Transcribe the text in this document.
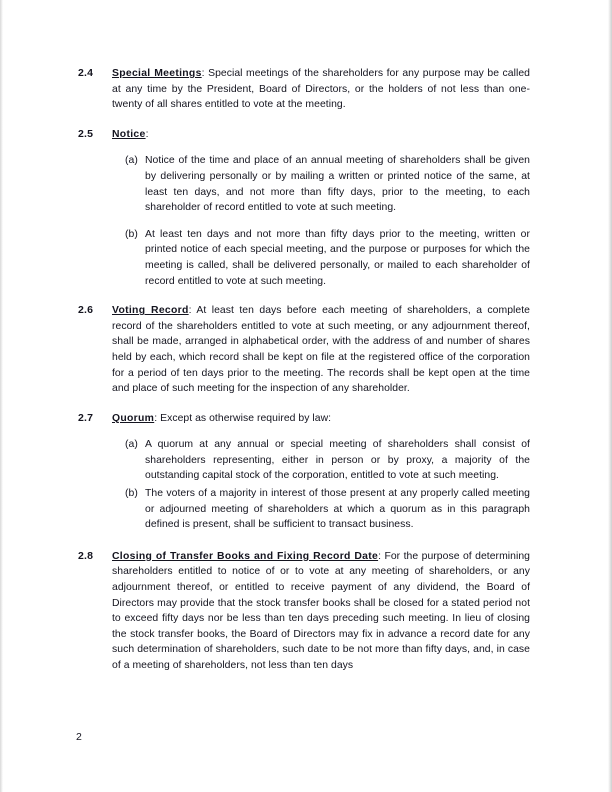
2.4	Special Meetings: Special meetings of the shareholders for any purpose may be called at any time by the President, Board of Directors, or the holders of not less than one-twenty of all shares entitled to vote at the meeting.
2.5	Notice:
(a) Notice of the time and place of an annual meeting of shareholders shall be given by delivering personally or by mailing a written or printed notice of the same, at least ten days, and not more than fifty days, prior to the meeting, to each shareholder of record entitled to vote at such meeting.
(b) At least ten days and not more than fifty days prior to the meeting, written or printed notice of each special meeting, and the purpose or purposes for which the meeting is called, shall be delivered personally, or mailed to each shareholder of record entitled to vote at such meeting.
2.6	Voting Record: At least ten days before each meeting of shareholders, a complete record of the shareholders entitled to vote at such meeting, or any adjournment thereof, shall be made, arranged in alphabetical order, with the address of and number of shares held by each, which record shall be kept on file at the registered office of the corporation for a period of ten days prior to the meeting. The records shall be kept open at the time and place of such meeting for the inspection of any shareholder.
2.7	Quorum: Except as otherwise required by law:
(a) A quorum at any annual or special meeting of shareholders shall consist of shareholders representing, either in person or by proxy, a majority of the outstanding capital stock of the corporation, entitled to vote at such meeting.
(b) The voters of a majority in interest of those present at any properly called meeting or adjourned meeting of shareholders at which a quorum as in this paragraph defined is present, shall be sufficient to transact business.
2.8	Closing of Transfer Books and Fixing Record Date: For the purpose of determining shareholders entitled to notice of or to vote at any meeting of shareholders, or any adjournment thereof, or entitled to receive payment of any dividend, the Board of Directors may provide that the stock transfer books shall be closed for a stated period not to exceed fifty days nor be less than ten days preceding such meeting. In lieu of closing the stock transfer books, the Board of Directors may fix in advance a record date for any such determination of shareholders, such date to be not more than fifty days, and, in case of a meeting of shareholders, not less than ten days
2
